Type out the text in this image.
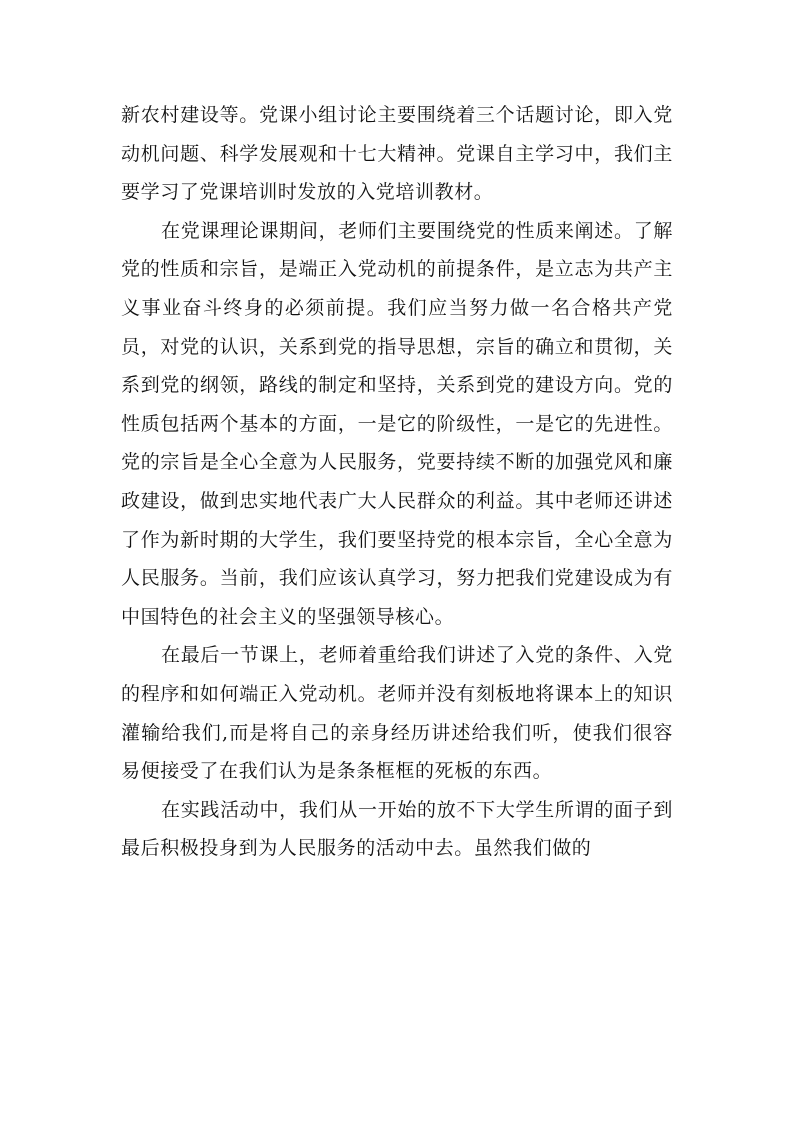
新农村建设等。党课小组讨论主要围绕着三个话题讨论，即入党动机问题、科学发展观和十七大精神。党课自主学习中，我们主要学习了党课培训时发放的入党培训教材。

在党课理论课期间，老师们主要围绕党的性质来阐述。了解党的性质和宗旨，是端正入党动机的前提条件，是立志为共产主义事业奋斗终身的必须前提。我们应当努力做一名合格共产党员，对党的认识，关系到党的指导思想，宗旨的确立和贯彻，关系到党的纲领，路线的制定和坚持，关系到党的建设方向。党的性质包括两个基本的方面，一是它的阶级性，一是它的先进性。党的宗旨是全心全意为人民服务，党要持续不断的加强党风和廉政建设，做到忠实地代表广大人民群众的利益。其中老师还讲述了作为新时期的大学生，我们要坚持党的根本宗旨，全心全意为人民服务。当前，我们应该认真学习，努力把我们党建设成为有中国特色的社会主义的坚强领导核心。

在最后一节课上，老师着重给我们讲述了入党的条件、入党的程序和如何端正入党动机。老师并没有刻板地将课本上的知识灌输给我们,而是将自己的亲身经历讲述给我们听，使我们很容易便接受了在我们认为是条条框框的死板的东西。

在实践活动中，我们从一开始的放不下大学生所谓的面子到最后积极投身到为人民服务的活动中去。虽然我们做的
